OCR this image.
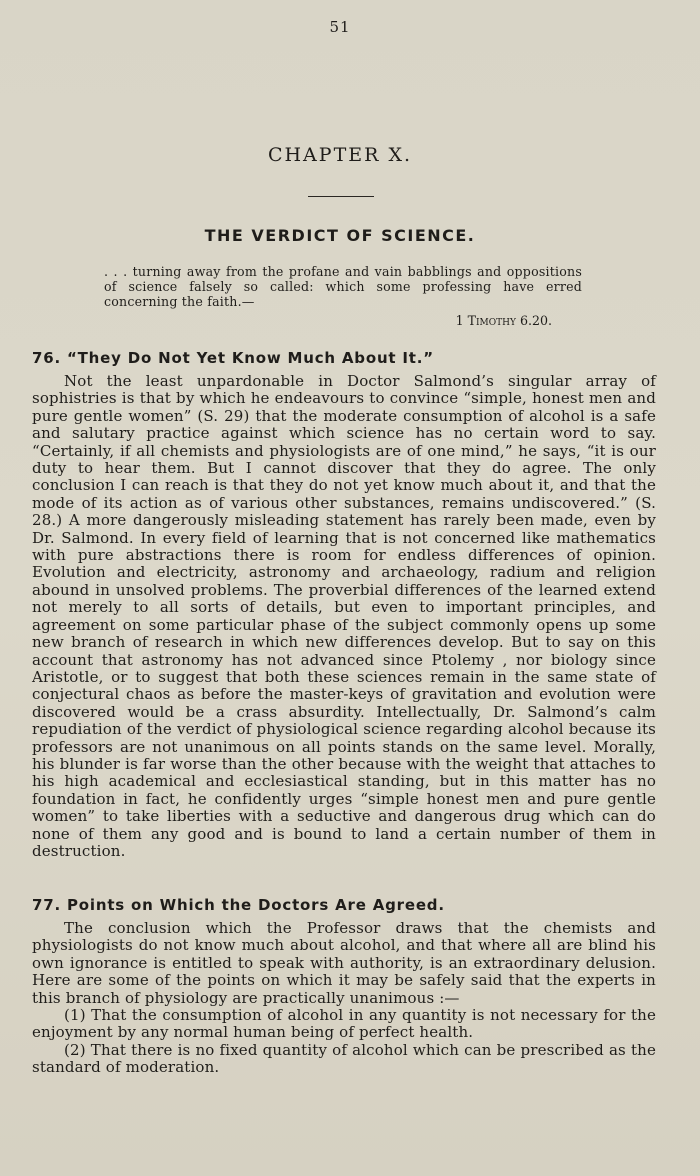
51
CHAPTER X.
THE VERDICT OF SCIENCE.
. . . turning away from the profane and vain babblings and oppositions of science falsely so called: which some professing have erred concerning the faith.—
1 Timothy 6.20.
76. “They Do Not Yet Know Much About It.”

Not the least unpardonable in Doctor Salmond’s singular array of sophistries is that by which he endeavours to convince “simple, honest men and pure gentle women” (S. 29) that the moderate consumption of alcohol is a safe and salutary practice against which science has no certain word to say. “Certainly, if all chemists and physiologists are of one mind,” he says, “it is our duty to hear them. But I cannot discover that they do agree. The only conclusion I can reach is that they do not yet know much about it, and that the mode of its action as of various other substances, remains undiscovered.” (S. 28.) A more dangerously misleading statement has rarely been made, even by Dr. Salmond. In every field of learning that is not concerned like mathematics with pure abstractions there is room for endless differences of opinion. Evolution and electricity, astronomy and archaeology, radium and religion abound in unsolved problems. The proverbial differences of the learned extend not merely to all sorts of details, but even to important principles, and agreement on some particular phase of the subject commonly opens up some new branch of research in which new differences develop. But to say on this account that astronomy has not advanced since Ptolemy , nor biology since Aristotle, or to suggest that both these sciences remain in the same state of conjectural chaos as before the master-keys of gravitation and evolution were discovered would be a crass absurdity. Intellectually, Dr. Salmond’s calm repudiation of the verdict of physiological science regarding alcohol because its professors are not unanimous on all points stands on the same level. Morally, his blunder is far worse than the other because with the weight that attaches to his high academical and ecclesiastical standing, but in this matter has no foundation in fact, he confidently urges “simple honest men and pure gentle women” to take liberties with a seductive and dangerous drug which can do none of them any good and is bound to land a certain number of them in destruction.

77. Points on Which the Doctors Are Agreed.

The conclusion which the Professor draws that the chemists and physiologists do not know much about alcohol, and that where all are blind his own ignorance is entitled to speak with authority, is an extraordinary delusion. Here are some of the points on which it may be safely said that the experts in this branch of physiology are practically unanimous :—

(1) That the consumption of alcohol in any quantity is not necessary for the enjoyment by any normal human being of perfect health.

(2) That there is no fixed quantity of alcohol which can be prescribed as the standard of moderation.
